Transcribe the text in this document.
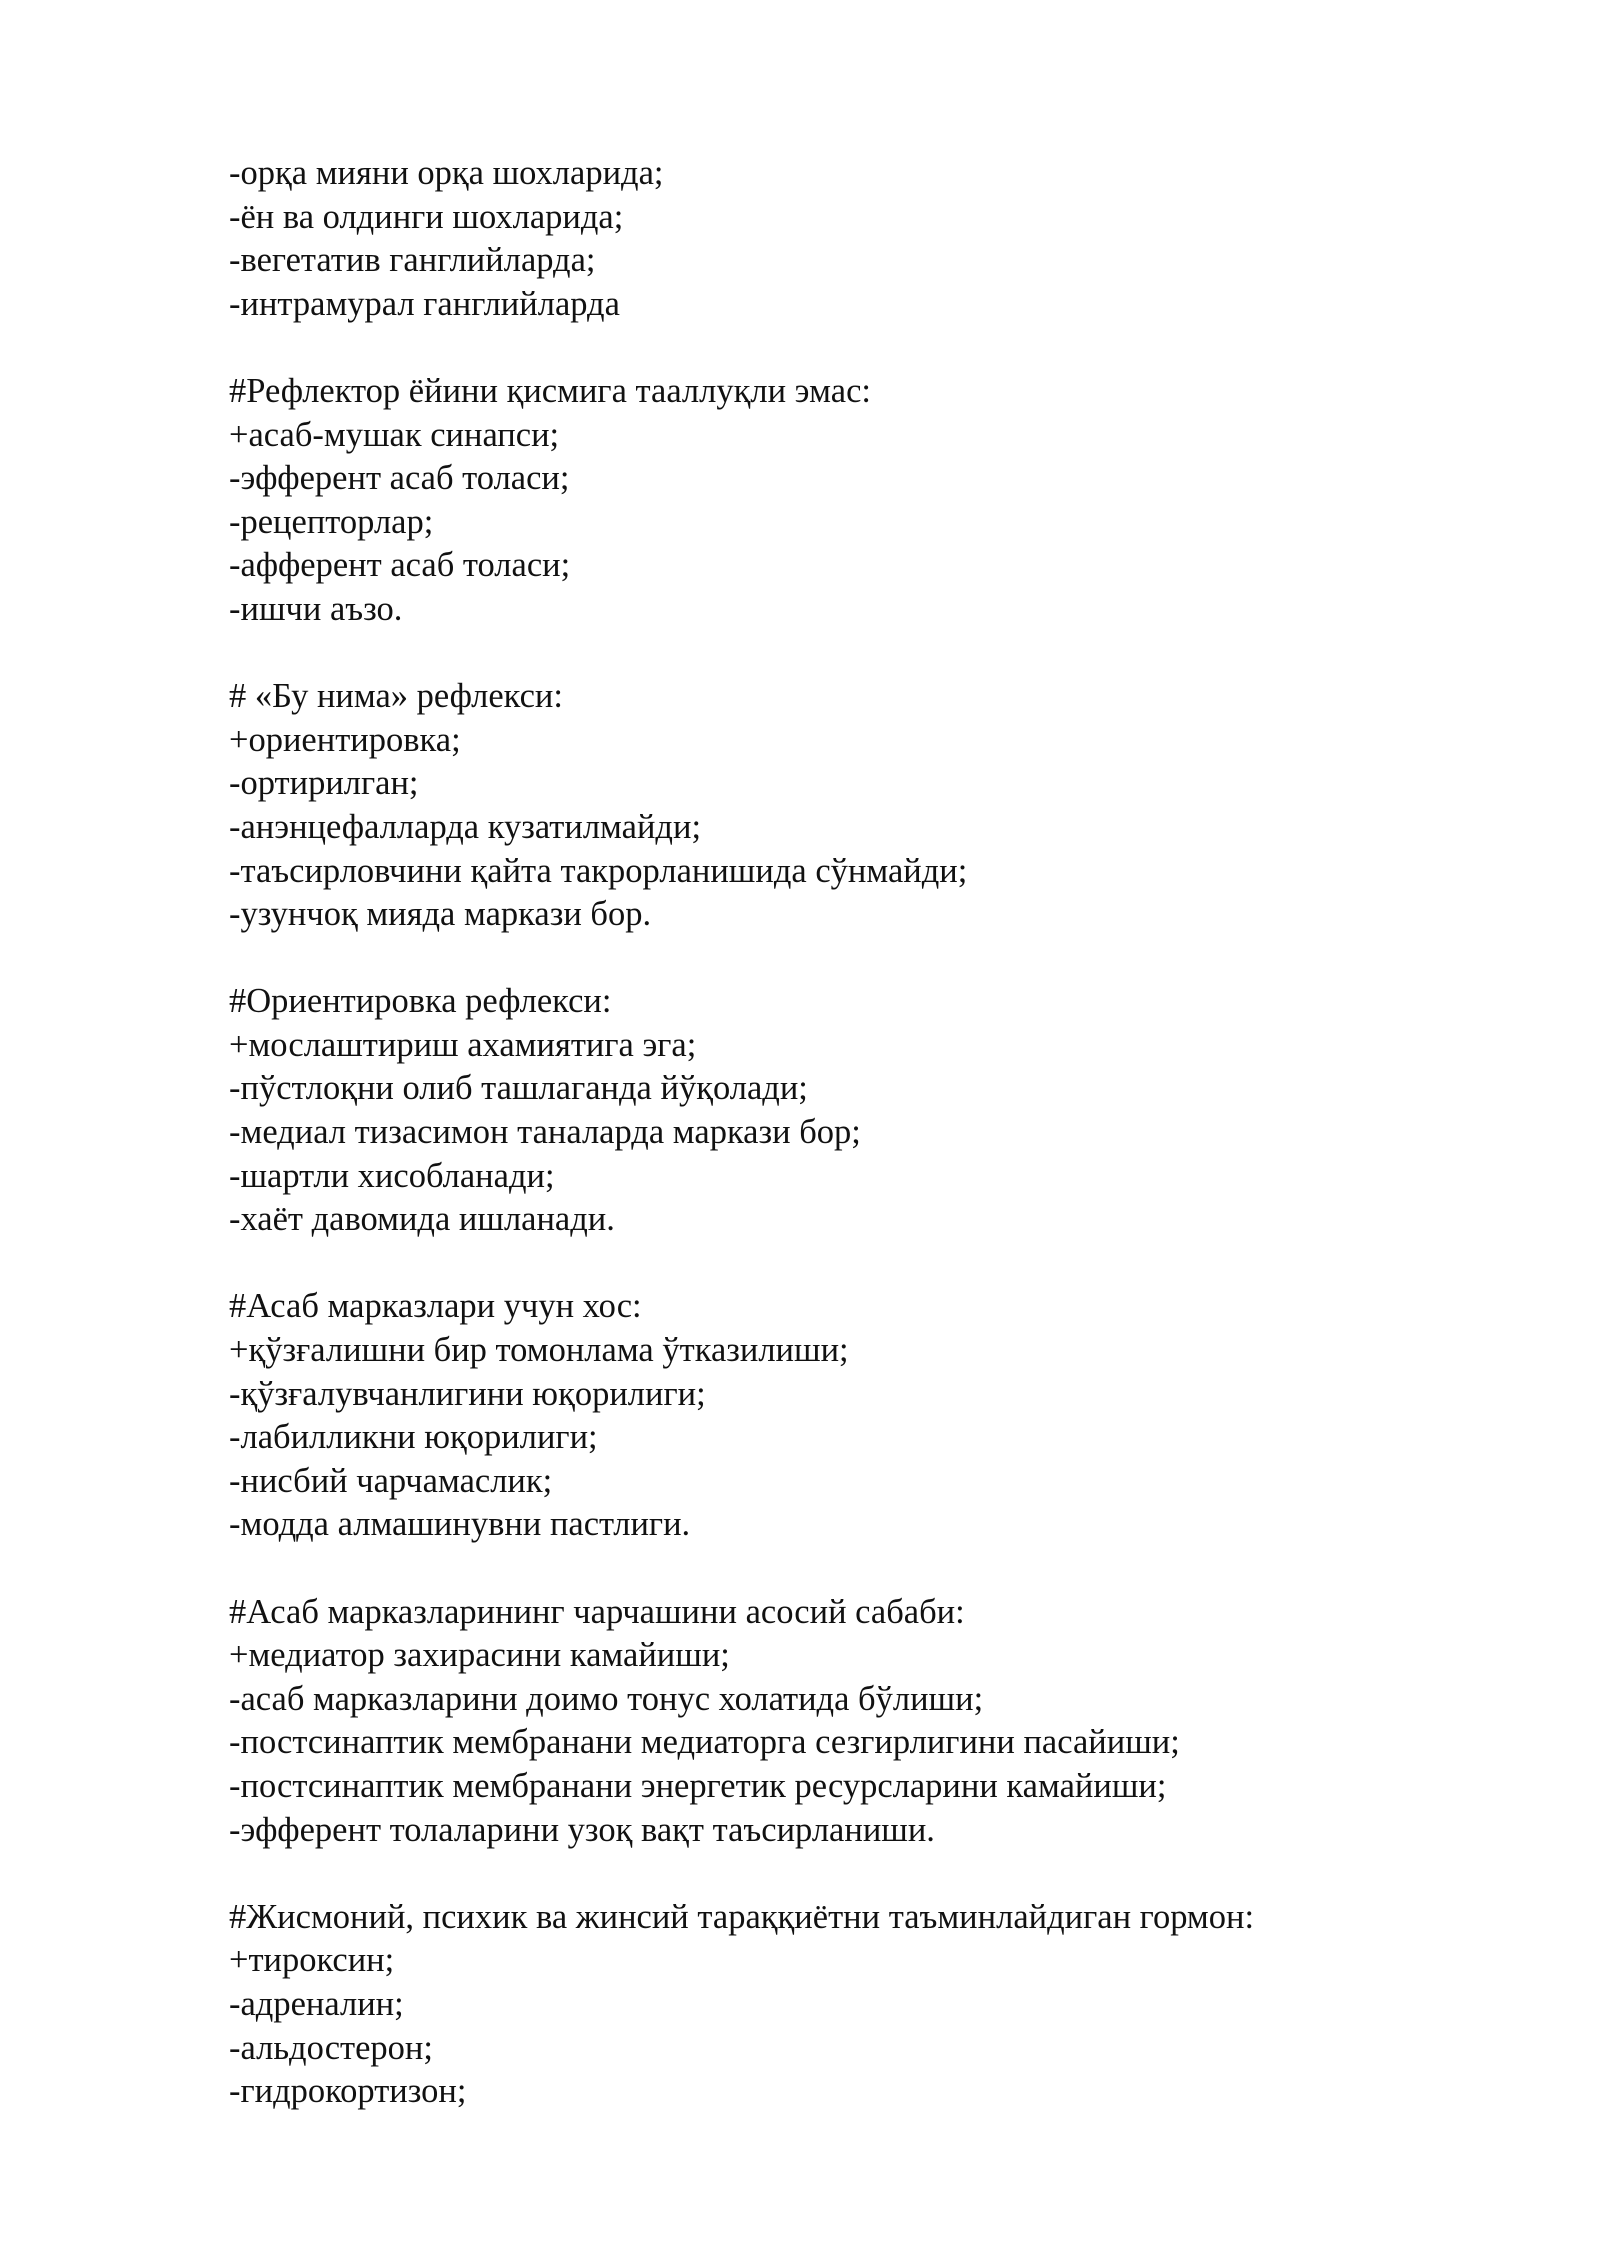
-орқа мияни орқа шохларида;
-ён ва олдинги шохларида;
-вегетатив ганглийларда;
-интрамурал ганглийларда
#Рефлектор ёйини қисмига тааллуқли эмас:
+асаб-мушак синапси;
-эфферент асаб толаси;
-рецепторлар;
-афферент асаб толаси;
-ишчи аъзо.
# «Бу нима» рефлекси:
+ориентировка;
-ортирилган;
-анэнцефалларда кузатилмайди;
-таъсирловчини қайта такрорланишида сўнмайди;
-узунчоқ мияда маркази бор.
#Ориентировка рефлекси:
+мослаштириш ахамиятига эга;
-пўстлоқни олиб ташлаганда йўқолади;
-медиал тизасимон таналарда маркази бор;
-шартли хисобланади;
-хаёт давомида ишланади.
#Асаб марказлари учун хос:
+қўзғалишни бир томонлама ўтказилиши;
-қўзғалувчанлигини юқорилиги;
-лабилликни юқорилиги;
-нисбий чарчамаслик;
-модда алмашинувни пастлиги.
#Асаб марказларининг чарчашини асосий сабаби:
+медиатор захирасини камайиши;
-асаб марказларини доимо тонус холатида бўлиши;
-постсинаптик мембранани медиаторга сезгирлигини пасайиши;
-постсинаптик мембранани энергетик ресурсларини камайиши;
-эфферент толаларини узоқ вақт таъсирланиши.
#Жисмоний, психик ва жинсий тараққиётни таъминлайдиган гормон:
+тироксин;
-адреналин;
-альдостерон;
-гидрокортизон;
